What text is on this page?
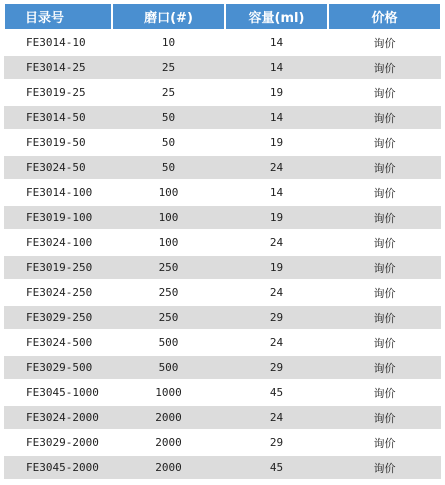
目录号	磨口(#)	容量(ml)	价格
FE3014-10	10	14	询价
FE3014-25	25	14	询价
FE3019-25	25	19	询价
FE3014-50	50	14	询价
FE3019-50	50	19	询价
FE3024-50	50	24	询价
FE3014-100	100	14	询价
FE3019-100	100	19	询价
FE3024-100	100	24	询价
FE3019-250	250	19	询价
FE3024-250	250	24	询价
FE3029-250	250	29	询价
FE3024-500	500	24	询价
FE3029-500	500	29	询价
FE3045-1000	1000	45	询价
FE3024-2000	2000	24	询价
FE3029-2000	2000	29	询价
FE3045-2000	2000	45	询价
